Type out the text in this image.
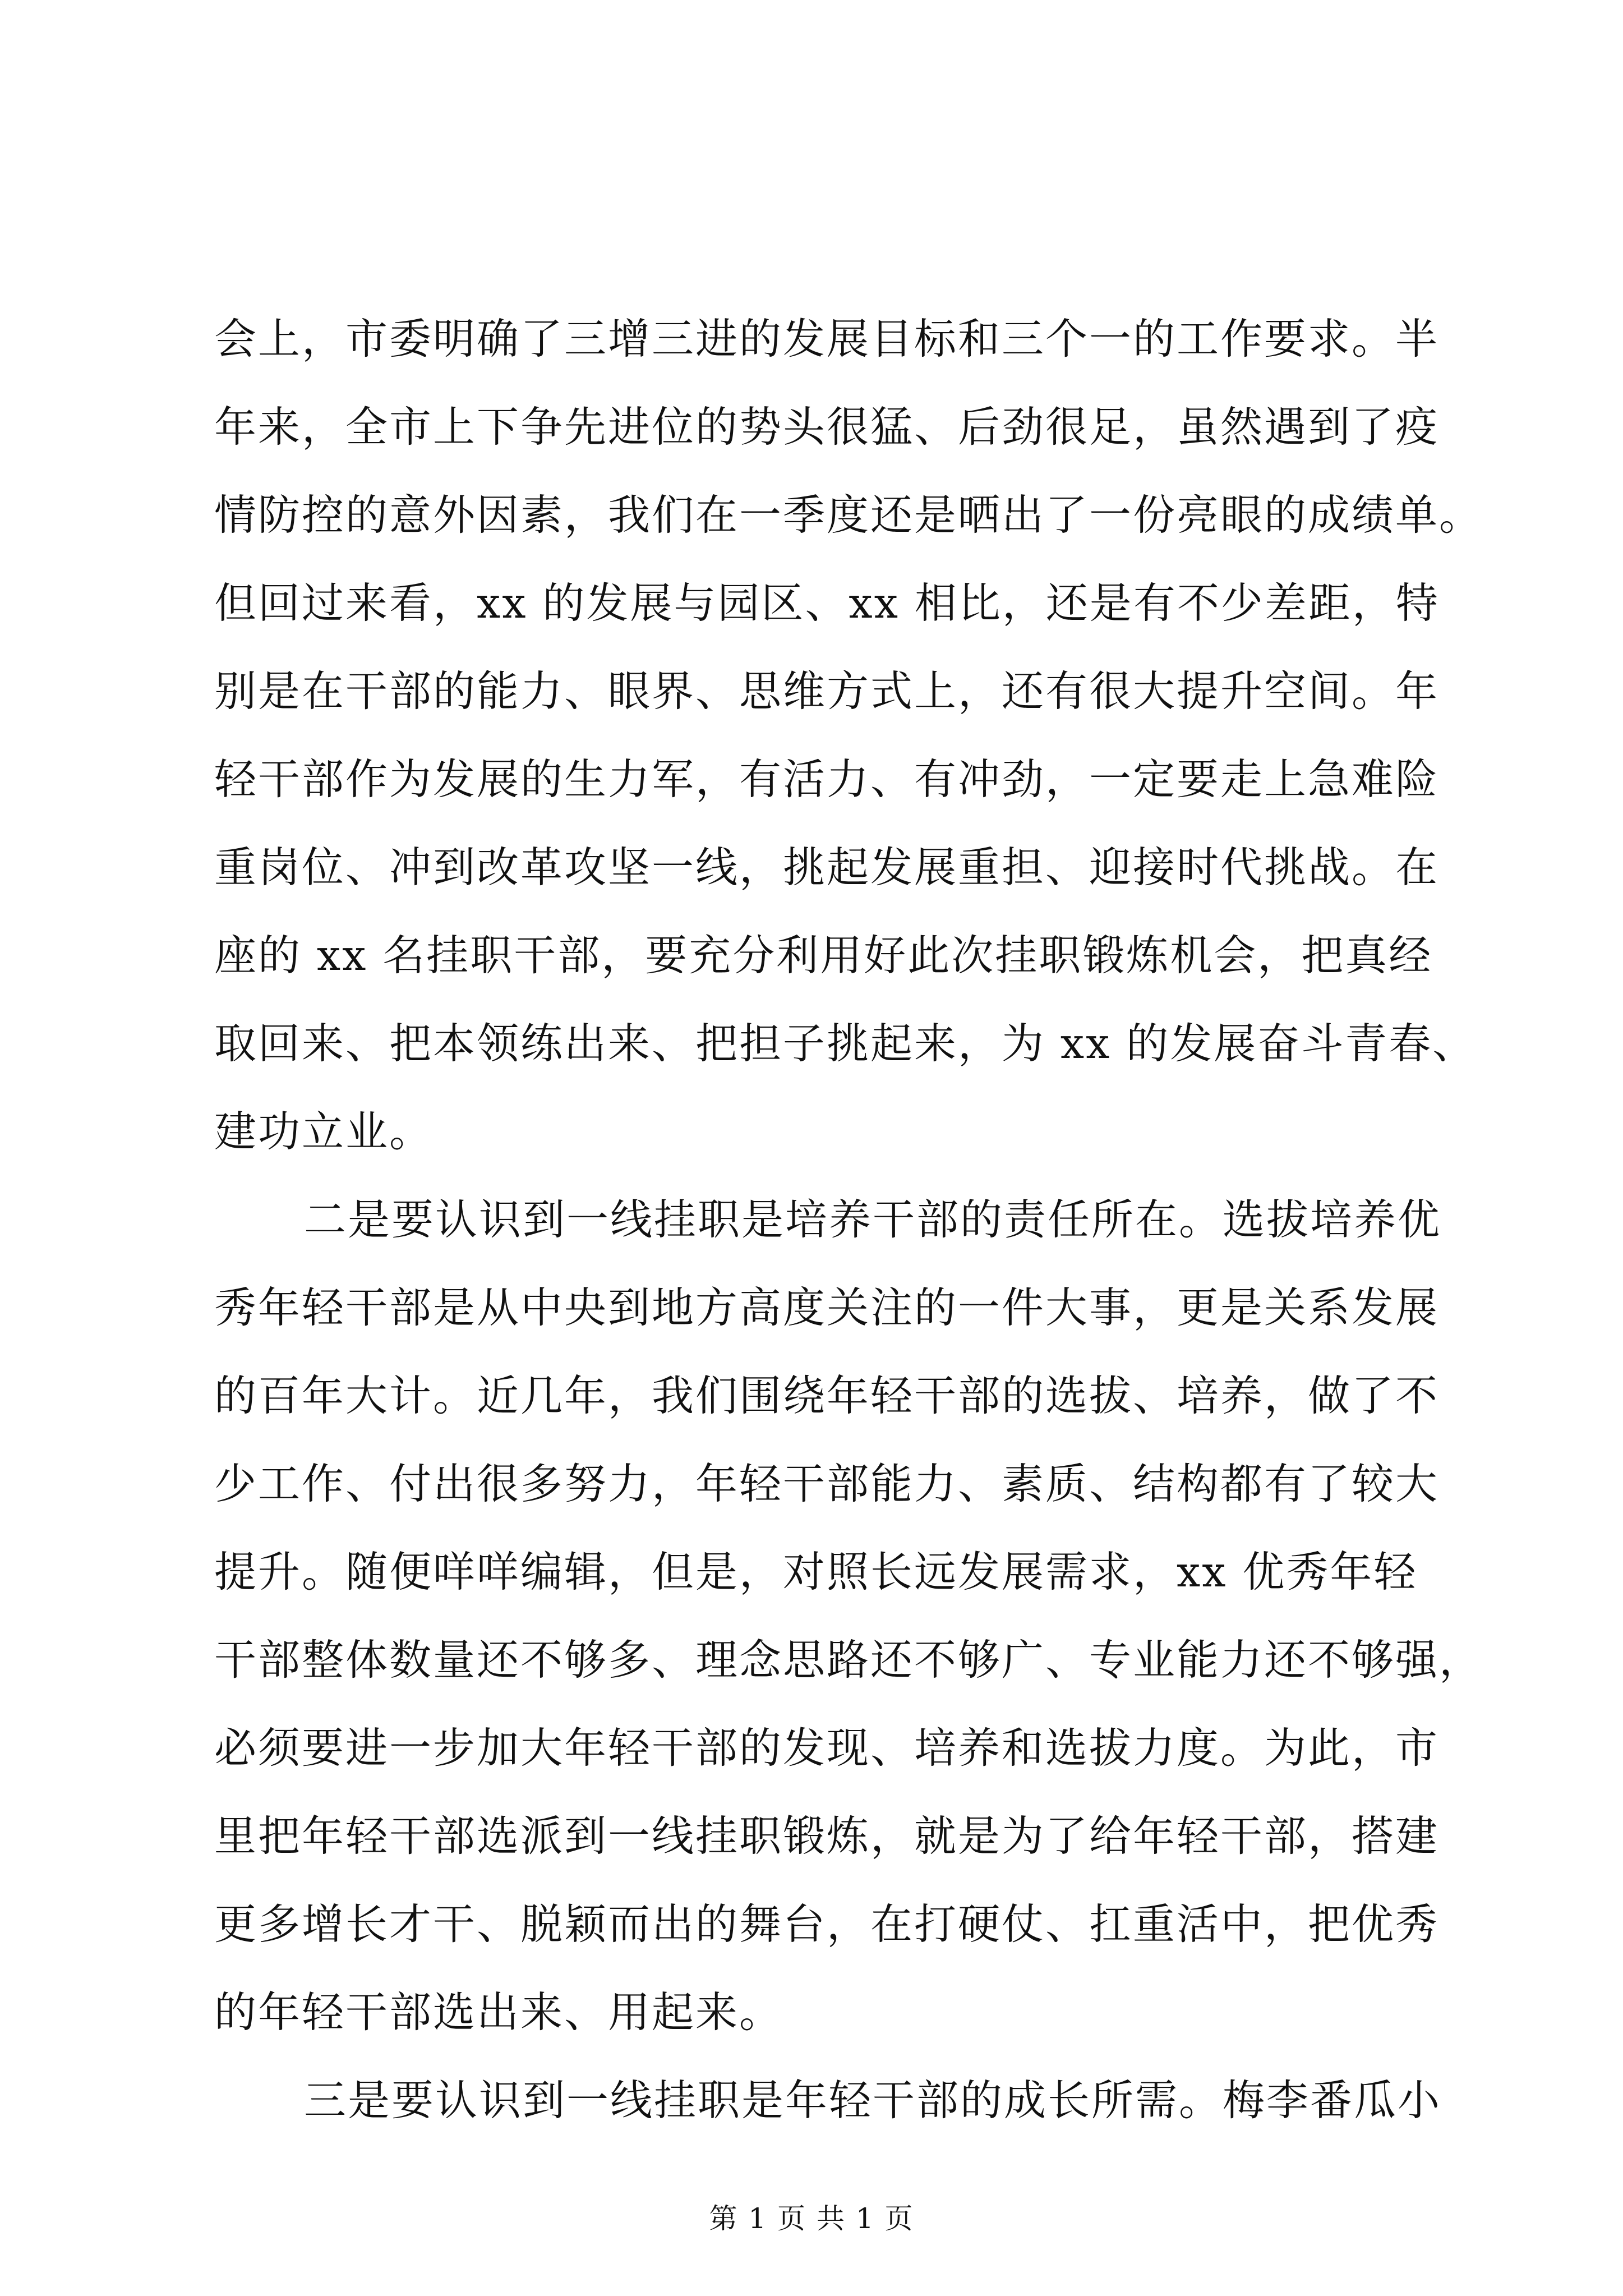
会上，市委明确了三增三进的发展目标和三个一的工作要求。半
年来，全市上下争先进位的势头很猛、后劲很足，虽然遇到了疫
情防控的意外因素，我们在一季度还是晒出了一份亮眼的成绩单。
但回过来看，xx 的发展与园区、xx 相比，还是有不少差距，特
别是在干部的能力、眼界、思维方式上，还有很大提升空间。年
轻干部作为发展的生力军，有活力、有冲劲，一定要走上急难险
重岗位、冲到改革攻坚一线，挑起发展重担、迎接时代挑战。在
座的 xx 名挂职干部，要充分利用好此次挂职锻炼机会，把真经
取回来、把本领练出来、把担子挑起来，为 xx 的发展奋斗青春、
建功立业。
二是要认识到一线挂职是培养干部的责任所在。选拔培养优
秀年轻干部是从中央到地方高度关注的一件大事，更是关系发展
的百年大计。近几年，我们围绕年轻干部的选拔、培养，做了不
少工作、付出很多努力，年轻干部能力、素质、结构都有了较大
提升。随便咩咩编辑，但是，对照长远发展需求，xx 优秀年轻
干部整体数量还不够多、理念思路还不够广、专业能力还不够强，
必须要进一步加大年轻干部的发现、培养和选拔力度。为此，市
里把年轻干部选派到一线挂职锻炼，就是为了给年轻干部，搭建
更多增长才干、脱颖而出的舞台，在打硬仗、扛重活中，把优秀
的年轻干部选出来、用起来。
三是要认识到一线挂职是年轻干部的成长所需。梅李番瓜小
第 1 页 共 1 页
